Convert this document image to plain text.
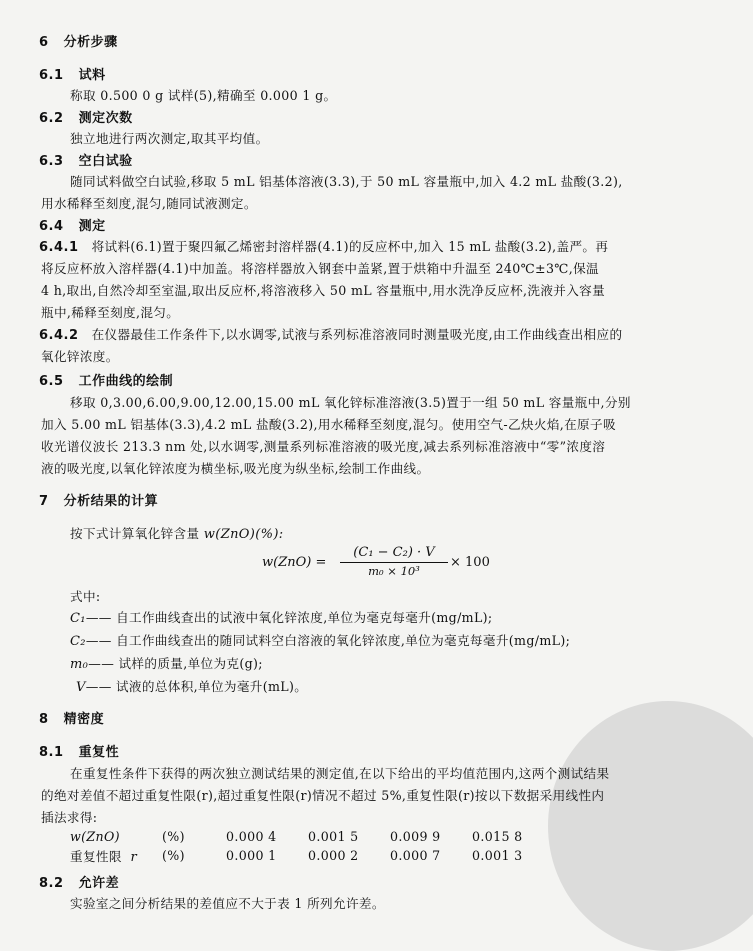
6 分析步骤
6.1 试料
称取 0.500 0 g 试样(5),精确至 0.000 1 g。
6.2 测定次数
独立地进行两次测定,取其平均值。
6.3 空白试验
随同试料做空白试验,移取 5 mL 铝基体溶液(3.3),于 50 mL 容量瓶中,加入 4.2 mL 盐酸(3.2),
用水稀释至刻度,混匀,随同试液测定。
6.4 测定
6.4.1 将试料(6.1)置于聚四氟乙烯密封溶样器(4.1)的反应杯中,加入 15 mL 盐酸(3.2),盖严。再
将反应杯放入溶样器(4.1)中加盖。将溶样器放入钢套中盖紧,置于烘箱中升温至 240℃±3℃,保温
4 h,取出,自然冷却至室温,取出反应杯,将溶液移入 50 mL 容量瓶中,用水洗净反应杯,洗液并入容量
瓶中,稀释至刻度,混匀。
6.4.2 在仪器最佳工作条件下,以水调零,试液与系列标准溶液同时测量吸光度,由工作曲线查出相应的
氧化锌浓度。
6.5 工作曲线的绘制
移取 0,3.00,6.00,9.00,12.00,15.00 mL 氧化锌标准溶液(3.5)置于一组 50 mL 容量瓶中,分别
加入 5.00 mL 铝基体(3.3),4.2 mL 盐酸(3.2),用水稀释至刻度,混匀。使用空气-乙炔火焰,在原子吸
收光谱仪波长 213.3 nm 处,以水调零,测量系列标准溶液的吸光度,减去系列标准溶液中“零”浓度溶
液的吸光度,以氧化锌浓度为横坐标,吸光度为纵坐标,绘制工作曲线。
7 分析结果的计算
按下式计算氧化锌含量 w(ZnO)(%):
w(ZnO) =
(C₁ − C₂) · V
m₀ × 10³
× 100
式中:
C₁—— 自工作曲线查出的试液中氧化锌浓度,单位为毫克每毫升(mg/mL);
C₂—— 自工作曲线查出的随同试料空白溶液的氧化锌浓度,单位为毫克每毫升(mg/mL);
m₀—— 试样的质量,单位为克(g);
V—— 试液的总体积,单位为毫升(mL)。
8 精密度
8.1 重复性
在重复性条件下获得的两次独立测试结果的测定值,在以下给出的平均值范围内,这两个测试结果
的绝对差值不超过重复性限(r),超过重复性限(r)情况不超过 5%,重复性限(r)按以下数据采用线性内
插法求得:
w(ZnO)	(%)	0.000 4	0.001 5	0.009 9	0.015 8
重复性限 r	(%)	0.000 1	0.000 2	0.000 7	0.001 3
8.2 允许差
实验室之间分析结果的差值应不大于表 1 所列允许差。
